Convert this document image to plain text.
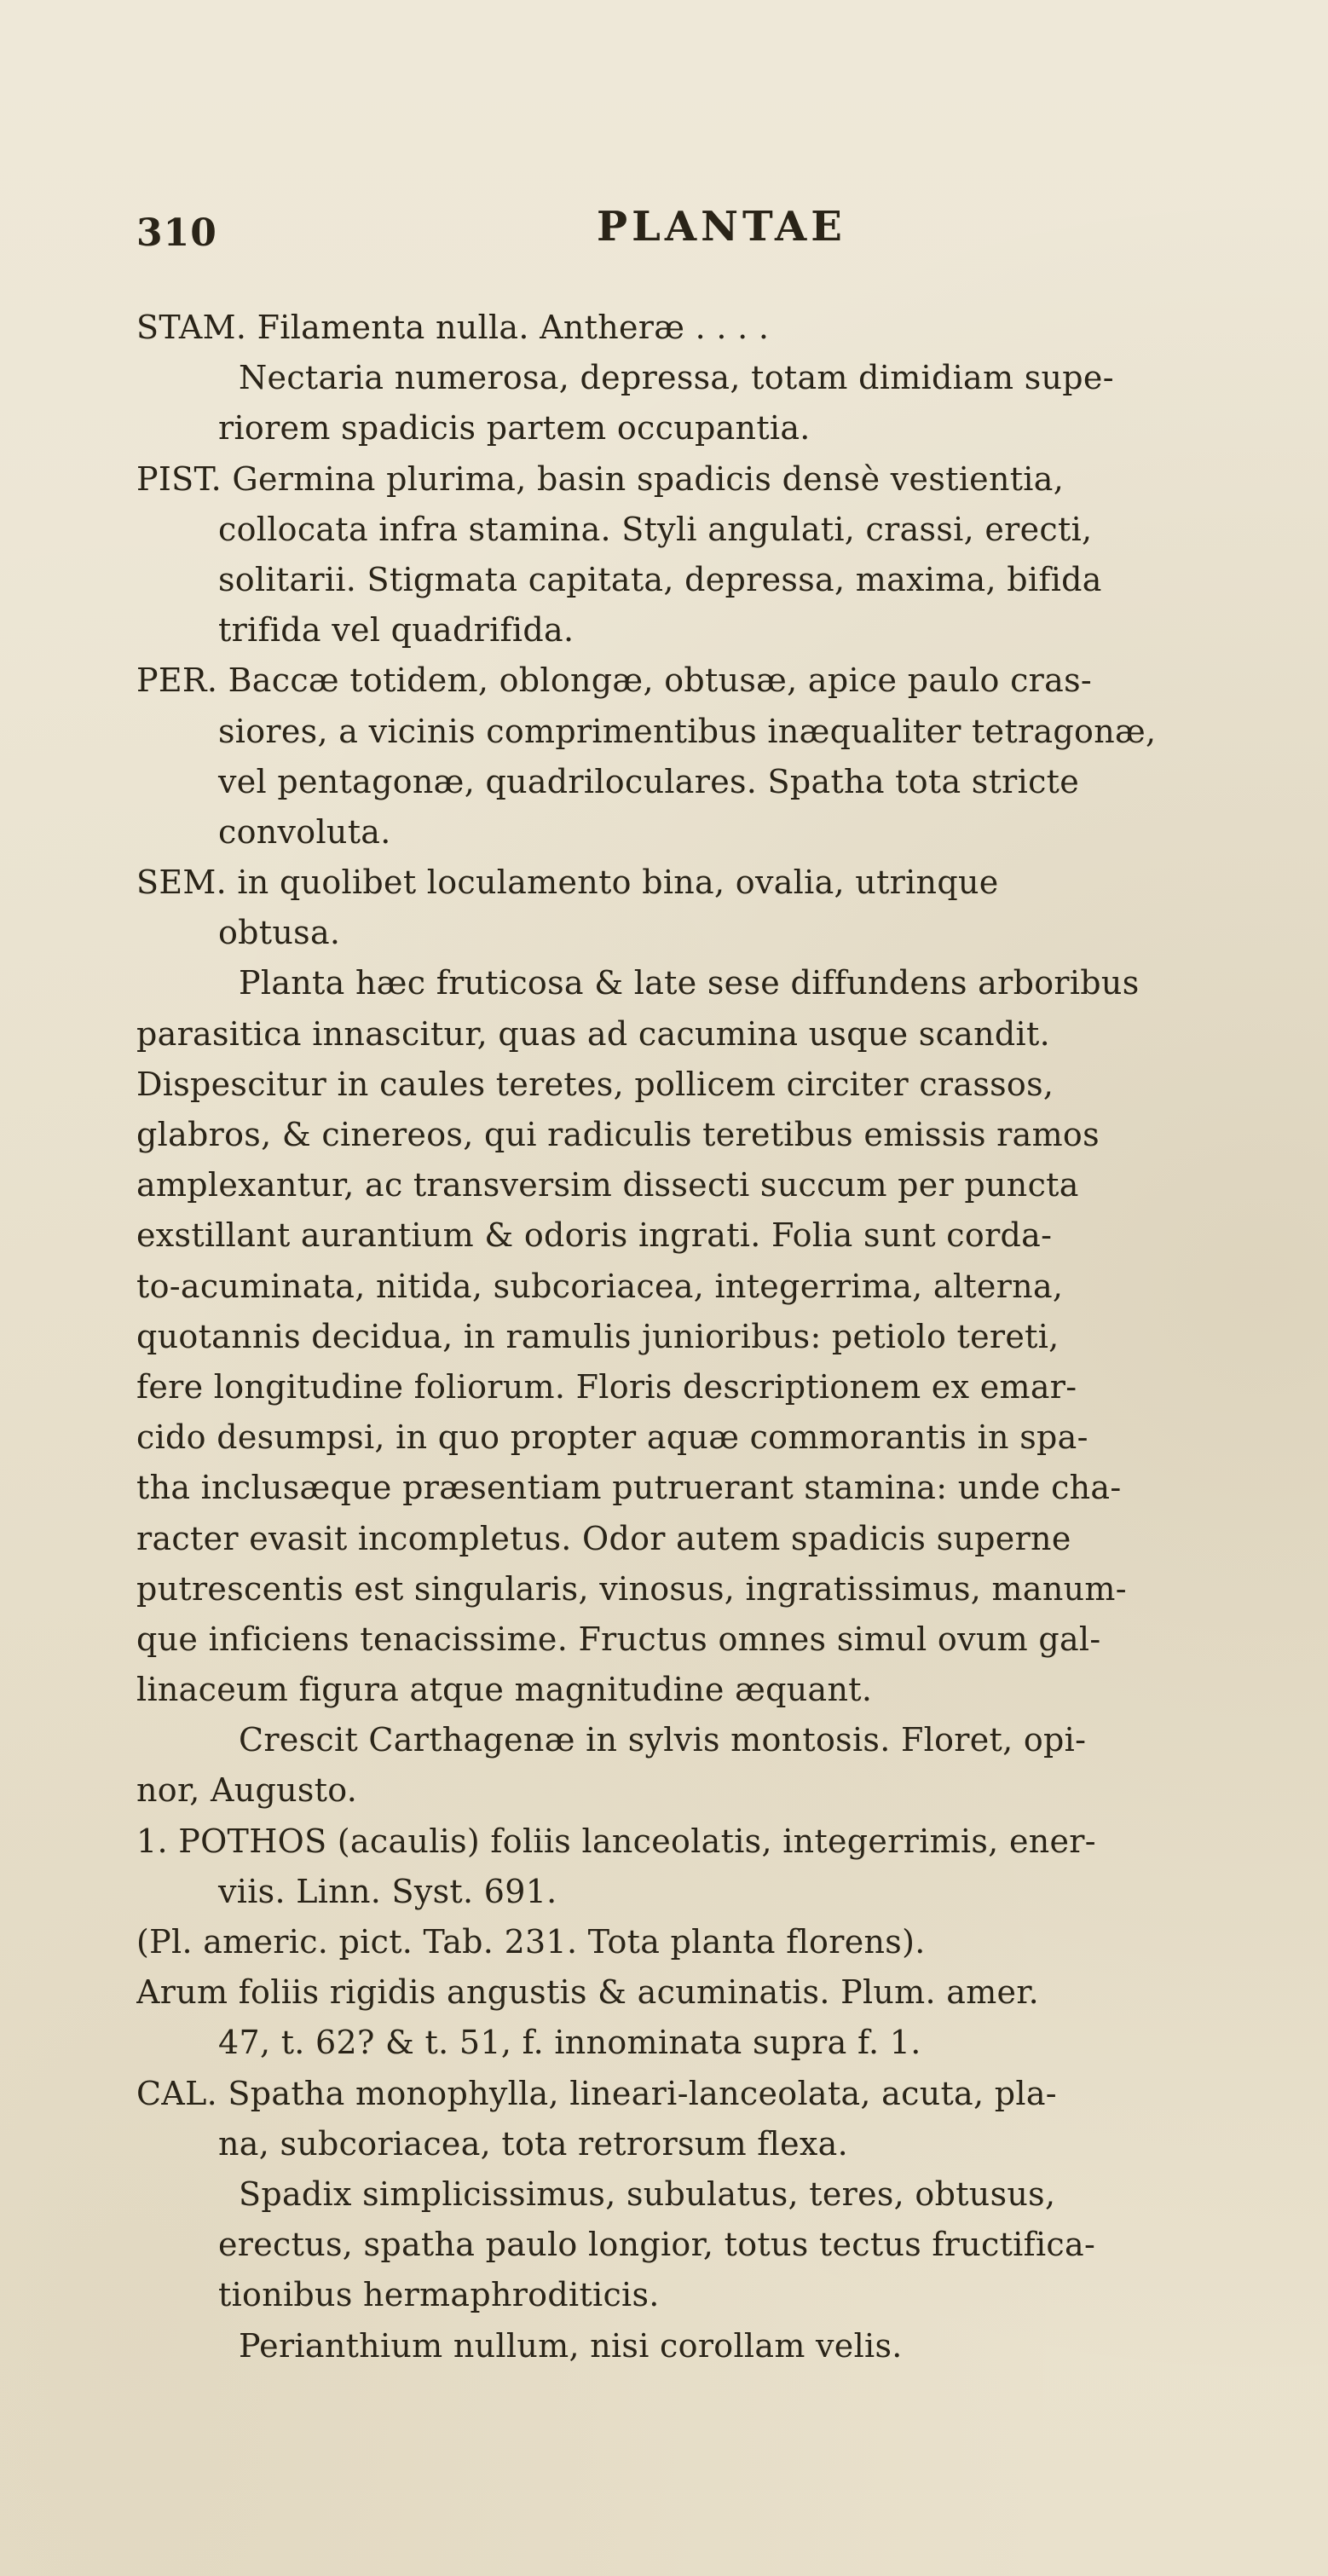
310	PLANTAE
STAM. Filamenta nulla. Antheræ . . . .
Nectaria numerosa, depressa, totam dimidiam supe-
riorem spadicis partem occupantia.
PIST. Germina plurima, basin spadicis densè vestientia,
collocata infra stamina. Styli angulati, crassi, erecti,
solitarii. Stigmata capitata, depressa, maxima, bifida
trifida vel quadrifida.
PER. Baccæ totidem, oblongæ, obtusæ, apice paulo cras-
siores, a vicinis comprimentibus inæqualiter tetragonæ,
vel pentagonæ, quadriloculares. Spatha tota stricte
convoluta.
SEM. in quolibet loculamento bina, ovalia, utrinque
obtusa.
Planta hæc fruticosa & late sese diffundens arboribus
parasitica innascitur, quas ad cacumina usque scandit.
Dispescitur in caules teretes, pollicem circiter crassos,
glabros, & cinereos, qui radiculis teretibus emissis ramos
amplexantur, ac transversim dissecti succum per puncta
exstillant aurantium & odoris ingrati. Folia sunt corda-
to-acuminata, nitida, subcoriacea, integerrima, alterna,
quotannis decidua, in ramulis junioribus: petiolo tereti,
fere longitudine foliorum. Floris descriptionem ex emar-
cido desumpsi, in quo propter aquæ commorantis in spa-
tha inclusæque præsentiam putruerant stamina: unde cha-
racter evasit incompletus. Odor autem spadicis superne
putrescentis est singularis, vinosus, ingratissimus, manum-
que inficiens tenacissime. Fructus omnes simul ovum gal-
linaceum figura atque magnitudine æquant.
Crescit Carthagenæ in sylvis montosis. Floret, opi-
nor, Augusto.
1. POTHOS (acaulis) foliis lanceolatis, integerrimis, ener-
viis. Linn. Syst. 691.
(Pl. americ. pict. Tab. 231. Tota planta florens).
Arum foliis rigidis angustis & acuminatis. Plum. amer.
47, t. 62? & t. 51, f. innominata supra f. 1.
CAL. Spatha monophylla, lineari-lanceolata, acuta, pla-
na, subcoriacea, tota retrorsum flexa.
Spadix simplicissimus, subulatus, teres, obtusus,
erectus, spatha paulo longior, totus tectus fructifica-
tionibus hermaphroditicis.
Perianthium nullum, nisi corollam velis.
